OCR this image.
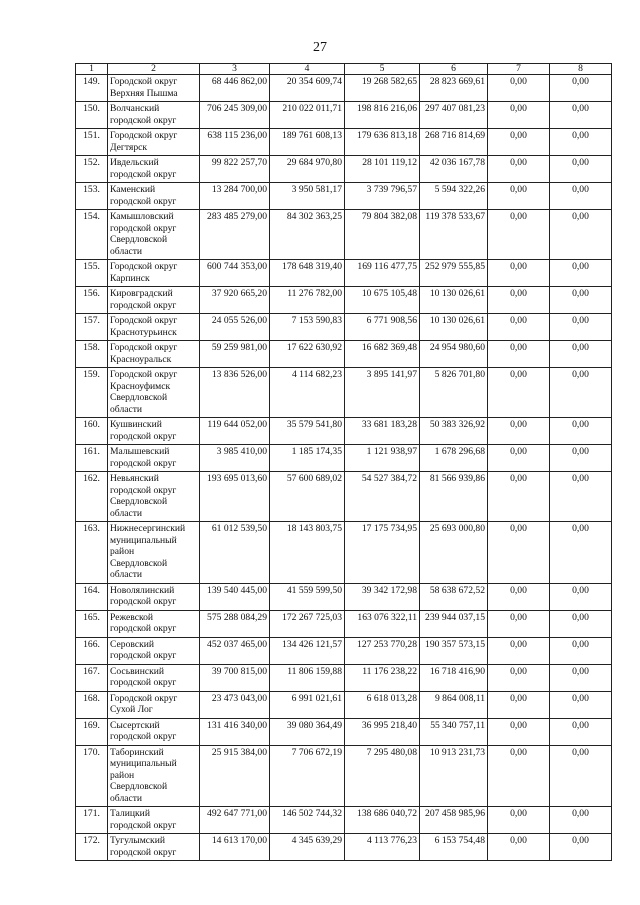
27
1	2	3	4	5	6	7	8
149.	Городской округ
Верхняя Пышма	68 446 862,00	20 354 609,74	19 268 582,65	28 823 669,61	0,00	0,00
150.	Волчанский
городской округ	706 245 309,00	210 022 011,71	198 816 216,06	297 407 081,23	0,00	0,00
151.	Городской округ
Дегтярск	638 115 236,00	189 761 608,13	179 636 813,18	268 716 814,69	0,00	0,00
152.	Ивдельский
городской округ	99 822 257,70	29 684 970,80	28 101 119,12	42 036 167,78	0,00	0,00
153.	Каменский
городской округ	13 284 700,00	3 950 581,17	3 739 796,57	5 594 322,26	0,00	0,00
154.	Камышловский
городской округ
Свердловской
области	283 485 279,00	84 302 363,25	79 804 382,08	119 378 533,67	0,00	0,00
155.	Городской округ
Карпинск	600 744 353,00	178 648 319,40	169 116 477,75	252 979 555,85	0,00	0,00
156.	Кировградский
городской округ	37 920 665,20	11 276 782,00	10 675 105,48	10 130 026,61	0,00	0,00
157.	Городской округ
Краснотурьинск	24 055 526,00	7 153 590,83	6 771 908,56	10 130 026,61	0,00	0,00
158.	Городской округ
Красноуральск	59 259 981,00	17 622 630,92	16 682 369,48	24 954 980,60	0,00	0,00
159.	Городской округ
Красноуфимск
Свердловской
области	13 836 526,00	4 114 682,23	3 895 141,97	5 826 701,80	0,00	0,00
160.	Кушвинский
городской округ	119 644 052,00	35 579 541,80	33 681 183,28	50 383 326,92	0,00	0,00
161.	Малышевский
городской округ	3 985 410,00	1 185 174,35	1 121 938,97	1 678 296,68	0,00	0,00
162.	Невьянский
городской округ
Свердловской
области	193 695 013,60	57 600 689,02	54 527 384,72	81 566 939,86	0,00	0,00
163.	Нижнесергинский
муниципальный
район
Свердловской
области	61 012 539,50	18 143 803,75	17 175 734,95	25 693 000,80	0,00	0,00
164.	Новолялинский
городской округ	139 540 445,00	41 559 599,50	39 342 172,98	58 638 672,52	0,00	0,00
165.	Режевской
городской округ	575 288 084,29	172 267 725,03	163 076 322,11	239 944 037,15	0,00	0,00
166.	Серовский
городской округ	452 037 465,00	134 426 121,57	127 253 770,28	190 357 573,15	0,00	0,00
167.	Сосьвинский
городской округ	39 700 815,00	11 806 159,88	11 176 238,22	16 718 416,90	0,00	0,00
168.	Городской округ
Сухой Лог	23 473 043,00	6 991 021,61	6 618 013,28	9 864 008,11	0,00	0,00
169.	Сысертский
городской округ	131 416 340,00	39 080 364,49	36 995 218,40	55 340 757,11	0,00	0,00
170.	Таборинский
муниципальный
район
Свердловской
области	25 915 384,00	7 706 672,19	7 295 480,08	10 913 231,73	0,00	0,00
171.	Талицкий
городской округ	492 647 771,00	146 502 744,32	138 686 040,72	207 458 985,96	0,00	0,00
172.	Тугулымский
городской округ	14 613 170,00	4 345 639,29	4 113 776,23	6 153 754,48	0,00	0,00
